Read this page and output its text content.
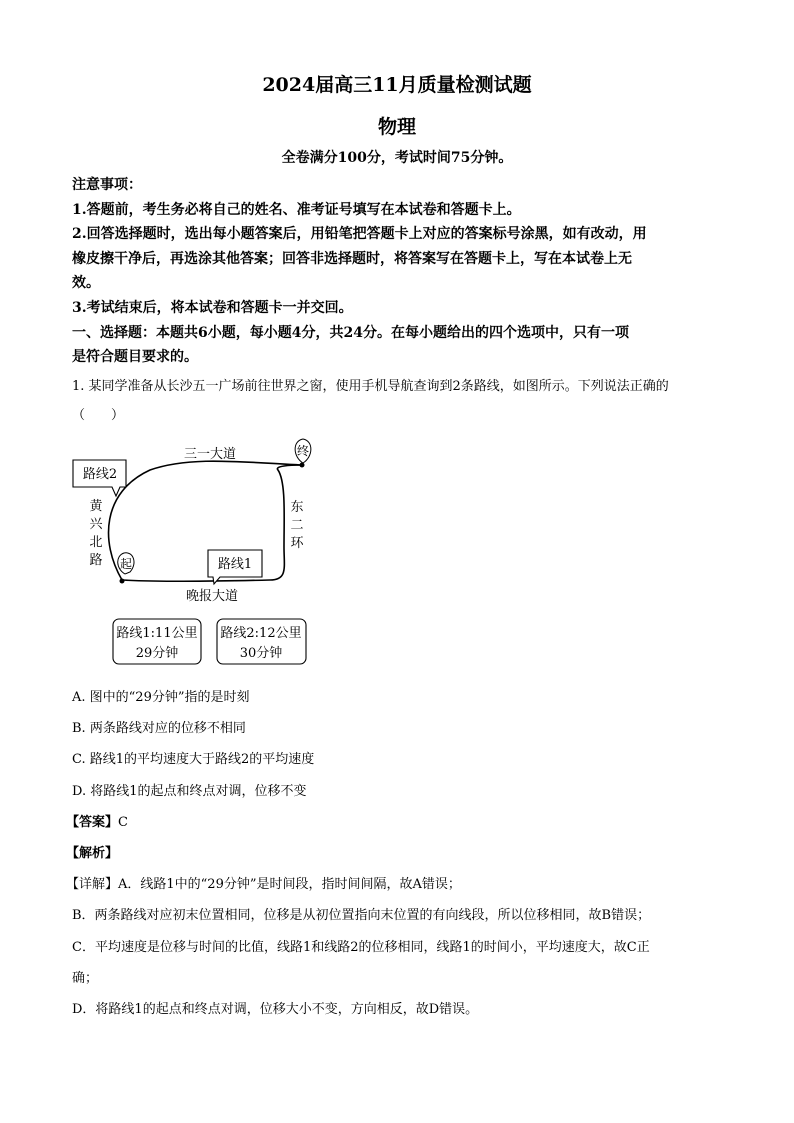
2024届高三11月质量检测试题
物理
全卷满分100分，考试时间75分钟。
注意事项：
1.答题前，考生务必将自己的姓名、准考证号填写在本试卷和答题卡上。
2.回答选择题时，选出每小题答案后，用铅笔把答题卡上对应的答案标号涂黑，如有改动，用
橡皮擦干净后，再选涂其他答案；回答非选择题时，将答案写在答题卡上，写在本试卷上无
效。
3.考试结束后，将本试卷和答题卡一并交回。
一、选择题：本题共6小题，每小题4分，共24分。在每小题给出的四个选项中，只有一项
是符合题目要求的。
1. 某同学准备从长沙五一广场前往世界之窗，使用手机导航查询到2条路线，如图所示。下列说法正确的
（　　）
起
终
路线2
路线1
三一大道
黄
兴
北
路
东
二
环
晚报大道
路线1:11公里
29分钟
路线2:12公里
30分钟
A. 图中的“29分钟”指的是时刻
B. 两条路线对应的位移不相同
C. 路线1的平均速度大于路线2的平均速度
D. 将路线1的起点和终点对调，位移不变
【答案】C
【解析】
【详解】A．线路1中的“29分钟”是时间段，指时间间隔，故A错误；
B．两条路线对应初末位置相同，位移是从初位置指向末位置的有向线段，所以位移相同，故B错误；
C．平均速度是位移与时间的比值，线路1和线路2的位移相同，线路1的时间小，平均速度大，故C正
确；
D．将路线1的起点和终点对调，位移大小不变，方向相反，故D错误。
